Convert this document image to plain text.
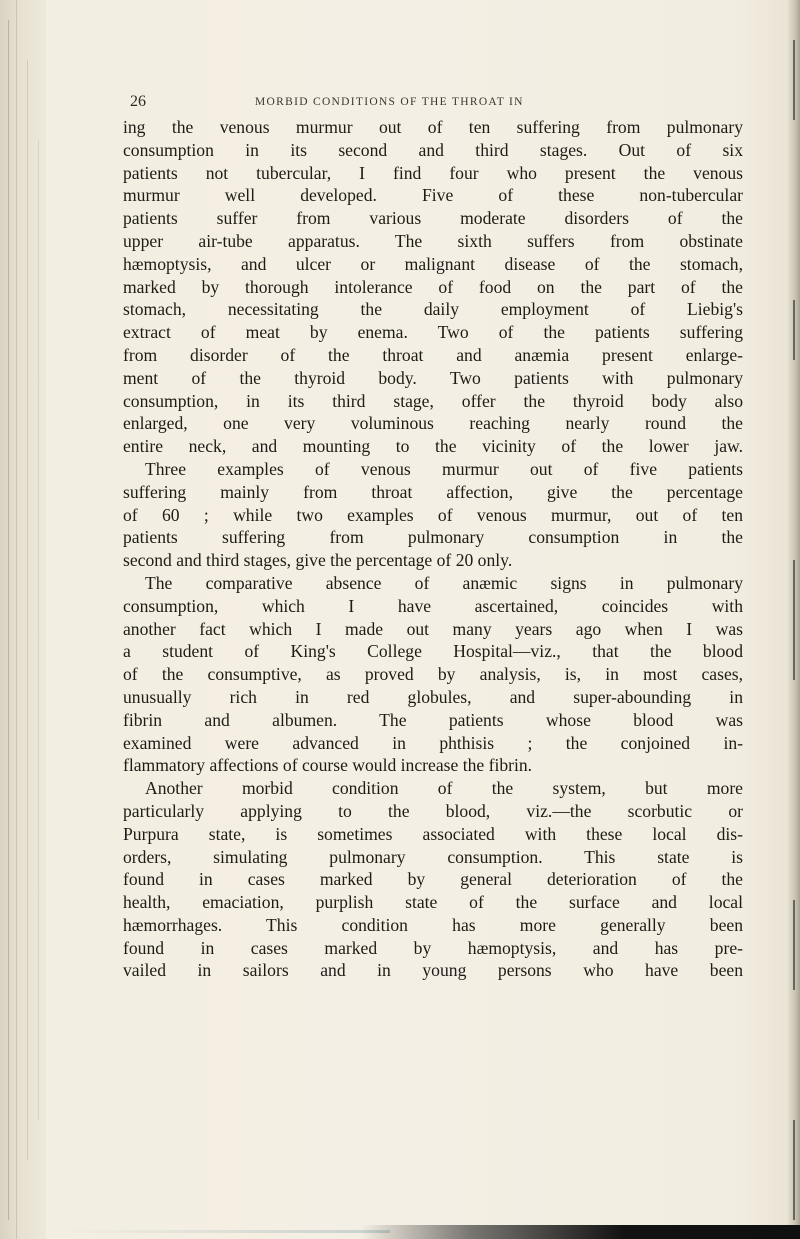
26	MORBID CONDITIONS OF THE THROAT IN
ing the venous murmur out of ten suffering from pulmonary
consumption in its second and third stages. Out of six
patients not tubercular, I find four who present the venous
murmur well developed. Five of these non-tubercular
patients suffer from various moderate disorders of the
upper air-tube apparatus. The sixth suffers from obstinate
hæmoptysis, and ulcer or malignant disease of the stomach,
marked by thorough intolerance of food on the part of the
stomach, necessitating the daily employment of Liebig's
extract of meat by enema. Two of the patients suffering
from disorder of the throat and anæmia present enlarge-
ment of the thyroid body. Two patients with pulmonary
consumption, in its third stage, offer the thyroid body also
enlarged, one very voluminous reaching nearly round the
entire neck, and mounting to the vicinity of the lower jaw.
Three examples of venous murmur out of five patients
suffering mainly from throat affection, give the percentage
of 60 ; while two examples of venous murmur, out of ten
patients suffering from pulmonary consumption in the
second and third stages, give the percentage of 20 only.
The comparative absence of anæmic signs in pulmonary
consumption, which I have ascertained, coincides with
another fact which I made out many years ago when I was
a student of King's College Hospital—viz., that the blood
of the consumptive, as proved by analysis, is, in most cases,
unusually rich in red globules, and super-abounding in
fibrin and albumen. The patients whose blood was
examined were advanced in phthisis ; the conjoined in-
flammatory affections of course would increase the fibrin.
Another morbid condition of the system, but more
particularly applying to the blood, viz.—the scorbutic or
Purpura state, is sometimes associated with these local dis-
orders, simulating pulmonary consumption. This state is
found in cases marked by general deterioration of the
health, emaciation, purplish state of the surface and local
hæmorrhages. This condition has more generally been
found in cases marked by hæmoptysis, and has pre-
vailed in sailors and in young persons who have been
